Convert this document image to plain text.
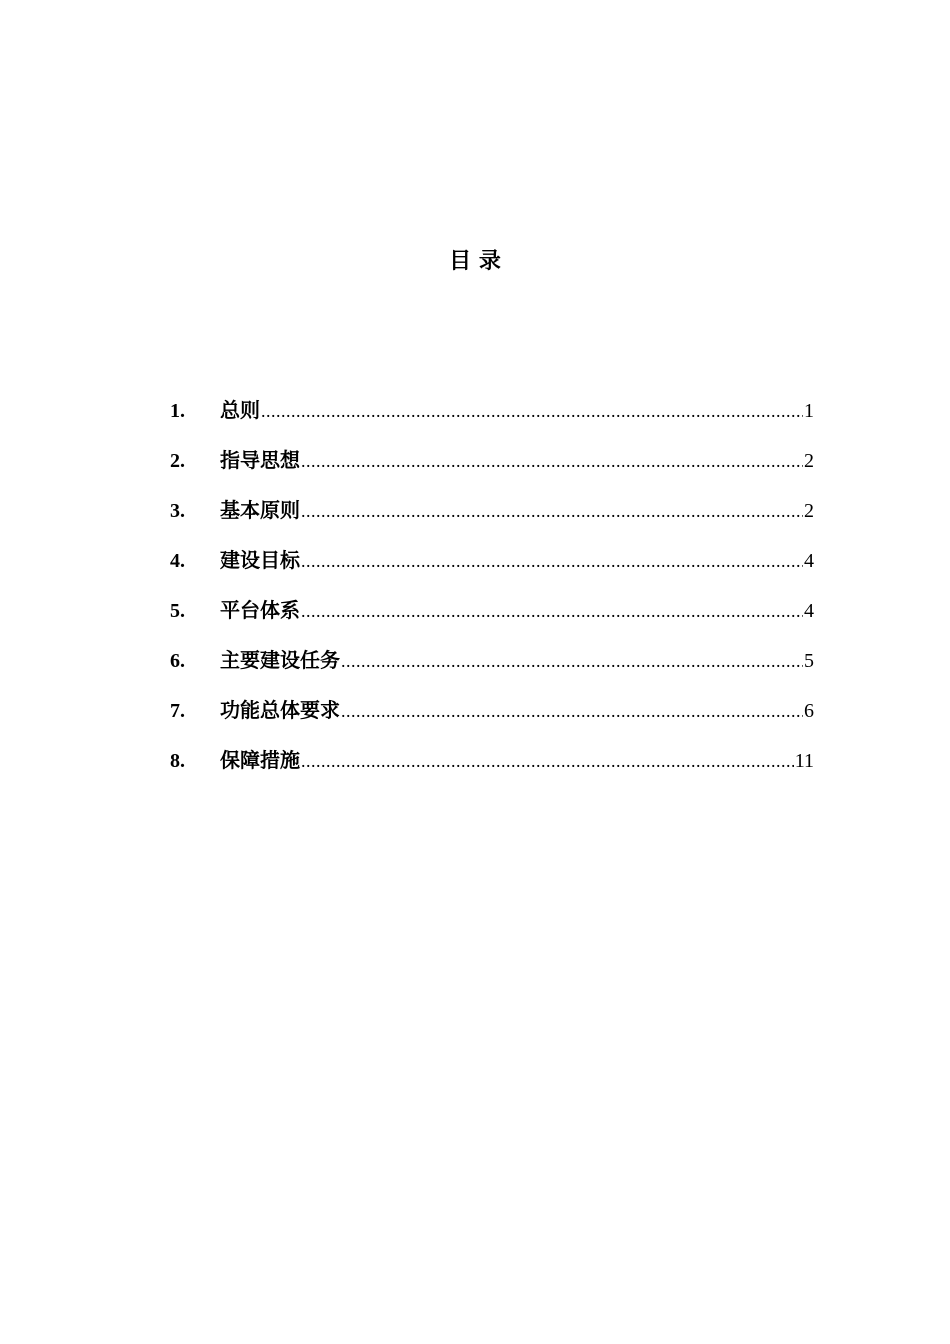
目 录
1.	总则 .....	1
2.	指导思想 .....	2
3.	基本原则 .....	2
4.	建设目标 .....	4
5.	平台体系 .....	4
6.	主要建设任务 .....	5
7.	功能总体要求 .....	6
8.	保障措施 .....	11
